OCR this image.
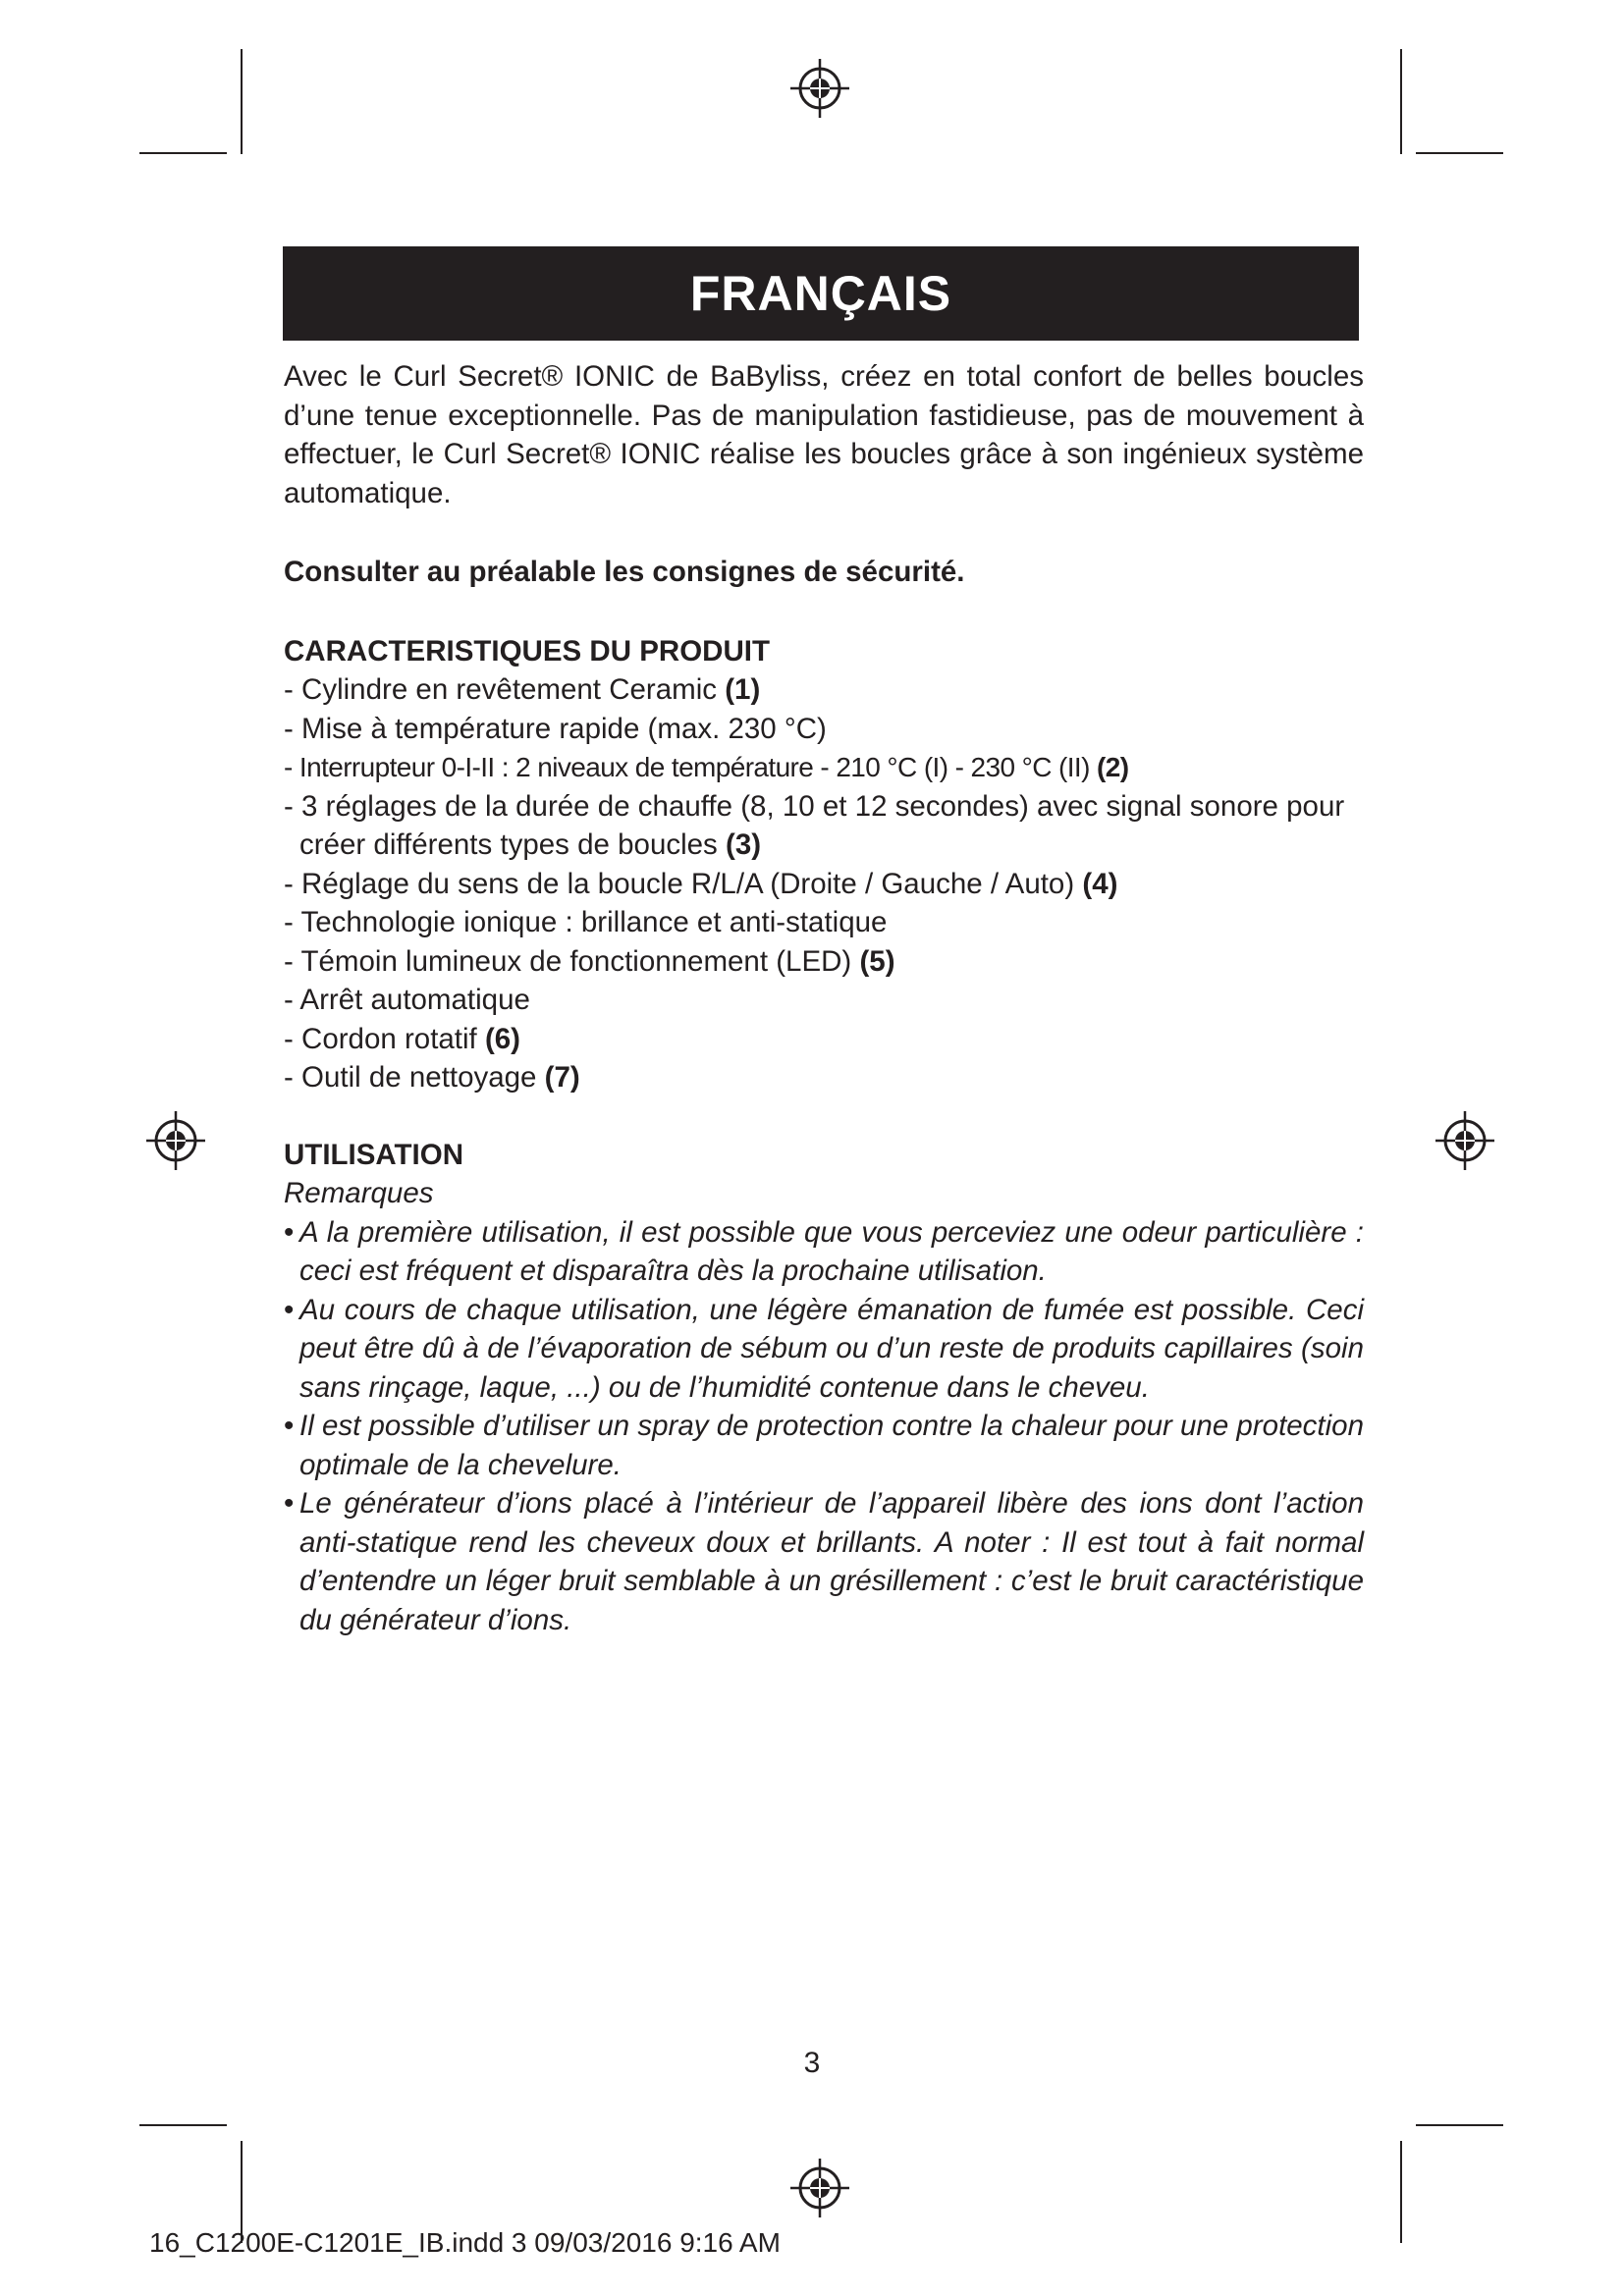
FRANÇAIS

Avec le Curl Secret® IONIC de BaByliss, créez en total confort de belles boucles d’une tenue exceptionnelle. Pas de manipulation fastidieuse, pas de mouvement à effectuer, le Curl Secret® IONIC réalise les boucles grâce à son ingénieux système automatique.

Consulter au préalable les consignes de sécurité.

CARACTERISTIQUES DU PRODUIT
- Cylindre en revêtement Ceramic (1)
- Mise à température rapide (max. 230 °C)
- Interrupteur 0-I-II : 2 niveaux de température - 210 °C (I) - 230 °C (II) (2)
- 3 réglages de la durée de chauffe (8, 10 et 12 secondes) avec signal sonore pour créer différents types de boucles (3)
- Réglage du sens de la boucle R/L/A (Droite / Gauche / Auto) (4)
- Technologie ionique : brillance et anti-statique
- Témoin lumineux de fonctionnement (LED) (5)
- Arrêt automatique
- Cordon rotatif (6)
- Outil de nettoyage (7)
UTILISATION

Remarques

• A la première utilisation, il est possible que vous perceviez une odeur particulière : ceci est fréquent et disparaîtra dès la prochaine utilisation.
• Au cours de chaque utilisation, une légère émanation de fumée est possible. Ceci peut être dû à de l’évaporation de sébum ou d’un reste de produits capillaires (soin sans rinçage, laque, ...) ou de l’humidité contenue dans le cheveu.
• Il est possible d’utiliser un spray de protection contre la chaleur pour une protection optimale de la chevelure.
• Le générateur d’ions placé à l’intérieur de l’appareil libère des ions dont l’action anti-statique rend les cheveux doux et brillants. A noter : Il est tout à fait normal d’entendre un léger bruit semblable à un grésillement : c’est le bruit caractéristique du générateur d’ions.
3
16_C1200E-C1201E_IB.indd 3 09/03/2016 9:16 AM
